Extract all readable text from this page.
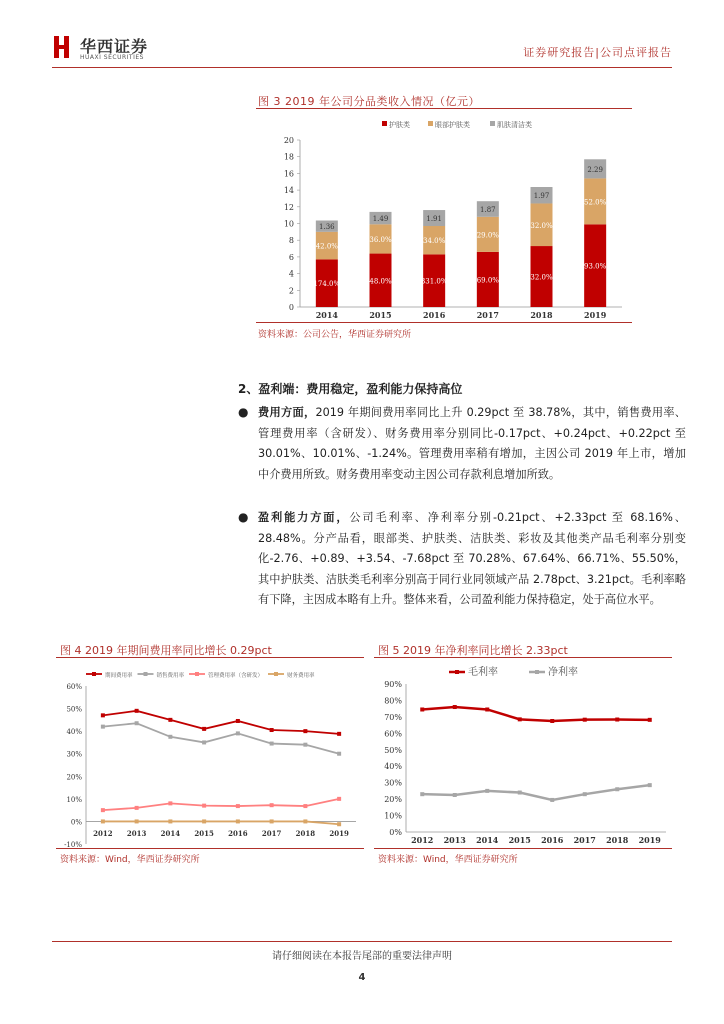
华西证券
HUAXI SECURITIES	证券研究报告|公司点评报告
图 3 2019 年公司分品类收入情况（亿元）
护肤类	眼部护肤类	肌肤清洁类
0
2
4
6
8
10
12
14
16
18
20
174.0%
42.0%
1.36
2014
48.0%
36.0%
1.49
2015
331.0%
34.0%
1.91
2016
69.0%
29.0%
1.87
2017
32.0%
32.0%
1.97
2018
93.0%
52.0%
2.29
2019
资料来源：公司公告，华西证券研究所
2、盈利端：费用稳定，盈利能力保持高位
● 费用方面，2019 年期间费用率同比上升 0.29pct 至 38.78%，其中，销售费用率、管理费用率（含研发）、财务费用率分别同比-0.17pct、+0.24pct、+0.22pct 至 30.01%、10.01%、-1.24%。管理费用率稍有增加，主因公司 2019 年上市，增加中介费用所致。财务费用率变动主因公司存款利息增加所致。
● 盈利能力方面，公司毛利率、净利率分别-0.21pct、+2.33pct 至 68.16%、28.48%。分产品看，眼部类、护肤类、洁肤类、彩妆及其他类产品毛利率分别变化-2.76、+0.89、+3.54、-7.68pct 至 70.28%、67.64%、66.71%、55.50%，其中护肤类、洁肤类毛利率分别高于同行业同领域产品 2.78pct、3.21pct。毛利率略有下降，主因成本略有上升。整体来看，公司盈利能力保持稳定，处于高位水平。
图 4 2019 年期间费用率同比增长 0.29pct
-10%
0%
10%
20%
30%
40%
50%
60%
2012 2013 2014 2015 2016 2017 2018 2019
期间费用率	销售费用率	管理费用率（含研发）	财务费用率
资料来源：Wind，华西证券研究所
图 5 2019 年净利率同比增长 2.33pct
0%
10%
20%
30%
40%
50%
60%
70%
80%
90%
2012 2013 2014 2015 2016 2017 2018 2019
毛利率	净利率
资料来源：Wind，华西证券研究所
请仔细阅读在本报告尾部的重要法律声明
4
